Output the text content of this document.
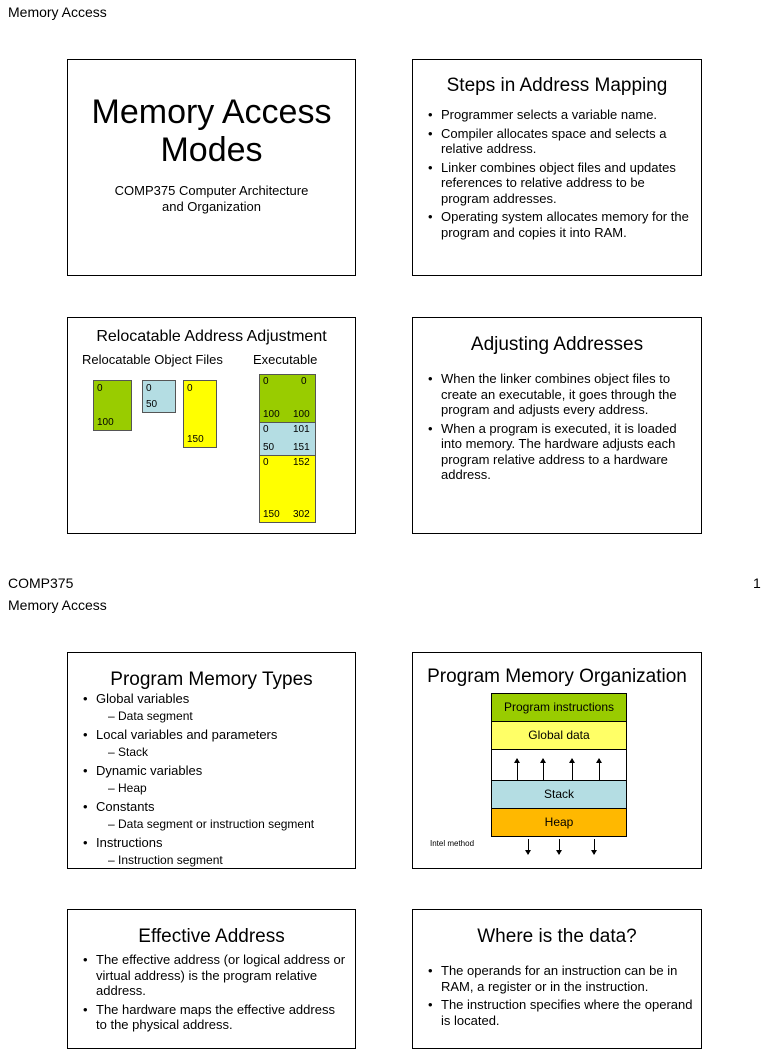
Memory Access
COMP375	1
Memory Access
Memory Access Modes
COMP375 Computer Architecture
and Organization
Steps in Address Mapping
• Programmer selects a variable name.
• Compiler allocates space and selects a relative address.
• Linker combines object files and updates references to relative address to be program addresses.
• Operating system allocates memory for the program and copies it into RAM.
Relocatable Address Adjustment
Relocatable Object Files Executable
0
100
0
50
0
150
0	0
100 100
0 101
50 151
0 152
150 302
Adjusting Addresses
• When the linker combines object files to create an executable, it goes through the program and adjusts every address.
• When a program is executed, it is loaded into memory. The hardware adjusts each program relative address to a hardware address.
Program Memory Types
• Global variables
– Data segment
• Local variables and parameters
– Stack
• Dynamic variables
– Heap
• Constants
– Data segment or instruction segment
• Instructions
– Instruction segment
Program Memory Organization
Program instructions
Global data
Stack
Heap
Intel method
Effective Address
• The effective address (or logical address or virtual address) is the program relative address.
• The hardware maps the effective address to the physical address.
Where is the data?
• The operands for an instruction can be in RAM, a register or in the instruction.
• The instruction specifies where the operand is located.
